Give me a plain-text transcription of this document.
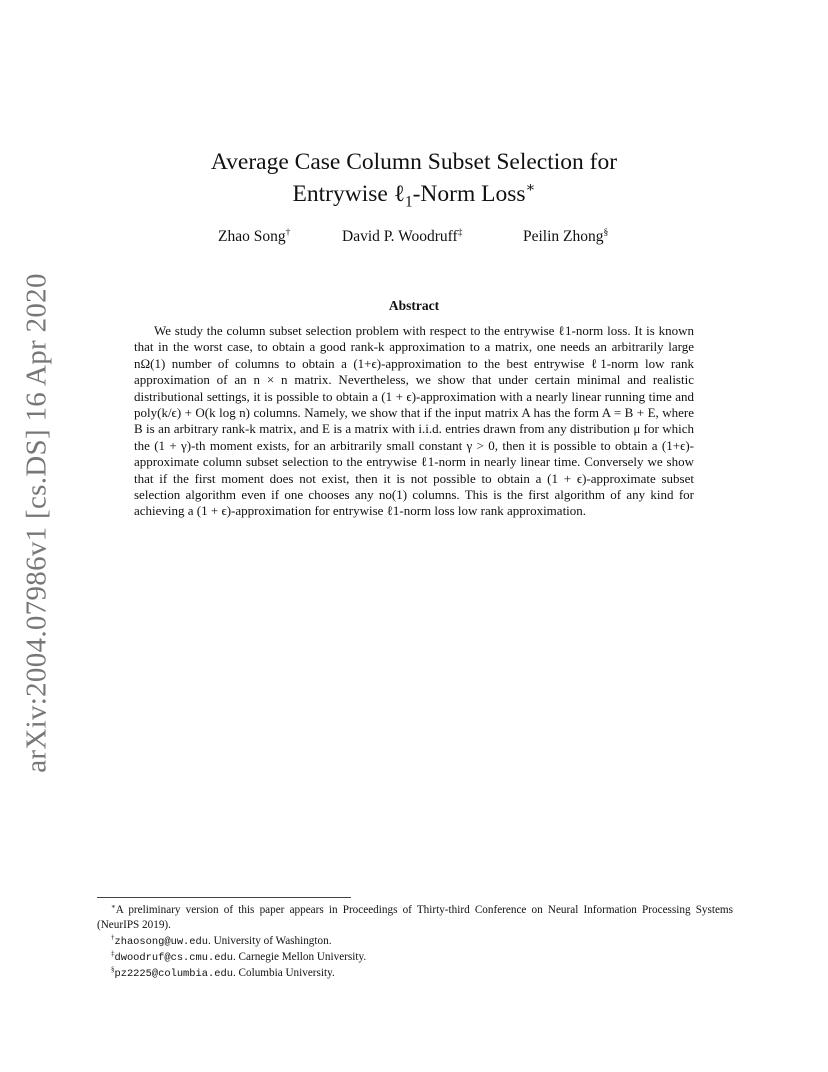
arXiv:2004.07986v1 [cs.DS] 16 Apr 2020
Average Case Column Subset Selection for
Entrywise ℓ$_1$-Norm Loss∗
Zhao Song†	David P. Woodruff‡	Peilin Zhong§
Abstract
We study the column subset selection problem with respect to the entrywise ℓ1-norm loss. It is known that in the worst case, to obtain a good rank-k approximation to a matrix, one needs an arbitrarily large nΩ(1) number of columns to obtain a (1+ϵ)-approximation to the best entrywise ℓ1-norm low rank approximation of an n × n matrix. Nevertheless, we show that under certain minimal and realistic distributional settings, it is possible to obtain a (1 + ϵ)-approximation with a nearly linear running time and poly(k/ϵ) + O(k log n) columns. Namely, we show that if the input matrix A has the form A = B + E, where B is an arbitrary rank-k matrix, and E is a matrix with i.i.d. entries drawn from any distribution μ for which the (1 + γ)-th moment exists, for an arbitrarily small constant γ > 0, then it is possible to obtain a (1+ϵ)-approximate column subset selection to the entrywise ℓ1-norm in nearly linear time. Conversely we show that if the first moment does not exist, then it is not possible to obtain a (1 + ϵ)-approximate subset selection algorithm even if one chooses any no(1) columns. This is the first algorithm of any kind for achieving a (1 + ϵ)-approximation for entrywise ℓ1-norm loss low rank approximation.
∗A preliminary version of this paper appears in Proceedings of Thirty-third Conference on Neural Information Processing Systems (NeurIPS 2019).
†zhaosong@uw.edu. University of Washington.
‡dwoodruf@cs.cmu.edu. Carnegie Mellon University.
§pz2225@columbia.edu. Columbia University.
